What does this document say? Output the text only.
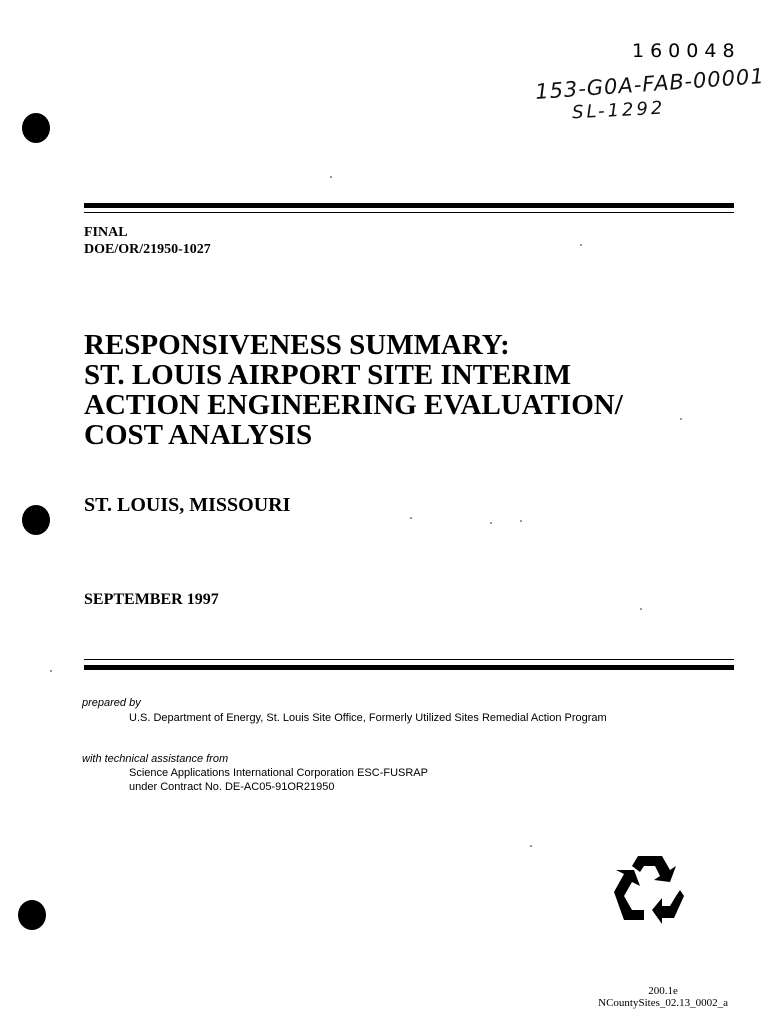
160048
153-G0A-FAB-00001
SL-1292
FINAL
DOE/OR/21950-1027
RESPONSIVENESS SUMMARY:
ST. LOUIS AIRPORT SITE INTERIM
ACTION ENGINEERING EVALUATION/
COST ANALYSIS
ST. LOUIS, MISSOURI
SEPTEMBER 1997
prepared by
U.S. Department of Energy, St. Louis Site Office, Formerly Utilized Sites Remedial Action Program
with technical assistance from
Science Applications International Corporation ESC-FUSRAP
under Contract No. DE-AC05-91OR21950
200.1e
NCountySites_02.13_0002_a
